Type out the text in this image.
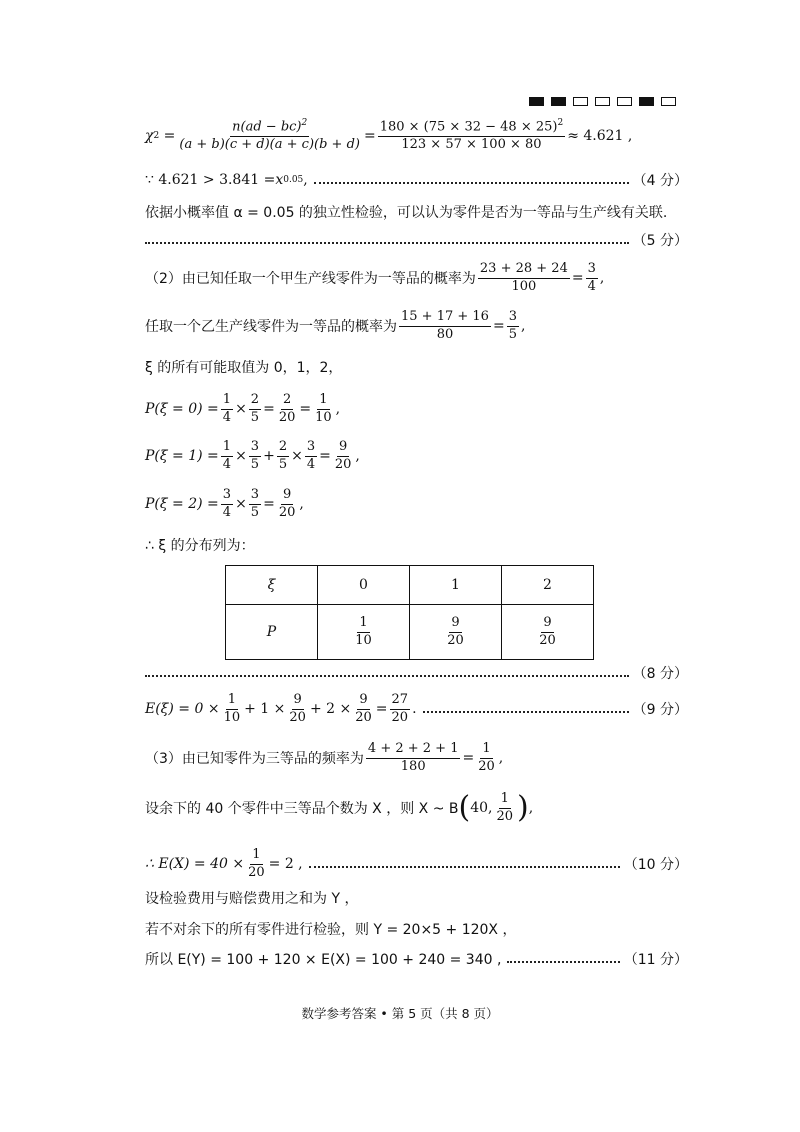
χ $2 = \frac{n(ad - bc)^2}{(a + b)(c + d)(a + c)(b + d)} = \frac{180 \times (75 \times 32 - 48 \times 25)^2}{123 \times 57 \times 100 \times 80} \approx 4.621$ ,
∵ 4.621 > 3.841 = x 0.05 ,	（4 分）
依据小概率值 α = 0.05 的独立性检验，可以认为零件是否为一等品与生产线有关联.
（5 分）
（2）由已知任取一个甲生产线零件为一等品的概率为 $\frac{23 + 28 + 24}{100} = \frac{3}{4}$ ,
任取一个乙生产线零件为一等品的概率为 $\frac{15 + 17 + 16}{80} = \frac{3}{5}$ ,
ξ 的所有可能取值为 0，1，2，
$P(\xi = 0) = \frac{1}{4} \times \frac{2}{5} = \frac{2}{20} = \frac{1}{10}$ ,
$P(\xi = 1) = \frac{1}{4} \times \frac{3}{5} + \frac{2}{5} \times \frac{3}{4} = \frac{9}{20}$ ,
$P(\xi = 2) = \frac{3}{4} \times \frac{3}{5} = \frac{9}{20}$ ,
∴ ξ 的分布列为：
ξ	0	1	2
P	$\frac{1}{10}$	$\frac{9}{20}$	$\frac{9}{20}$
（8 分）
$E(\xi) = 0 \times \frac{1}{10} + 1 \times \frac{9}{20} + 2 \times \frac{9}{20} = \frac{27}{20}$ .	（9 分）
（3）由已知零件为三等品的频率为 $\frac{4 + 2 + 2 + 1}{180} = \frac{1}{20}$ ,
设余下的 40 个零件中三等品个数为 X ，则 X ~ B ( 40, $\frac{1}{20}$ ) ,
∴ $E(X) = 40 \times \frac{1}{20} = 2$ ,	（10 分）
设检验费用与赔偿费用之和为 Y ，
若不对余下的所有零件进行检验，则 Y = 20×5 + 120X ，
所以 E(Y) = 100 + 120 × E(X) = 100 + 240 = 340 ,	（11 分）
数学参考答案 • 第 5 页（共 8 页）
